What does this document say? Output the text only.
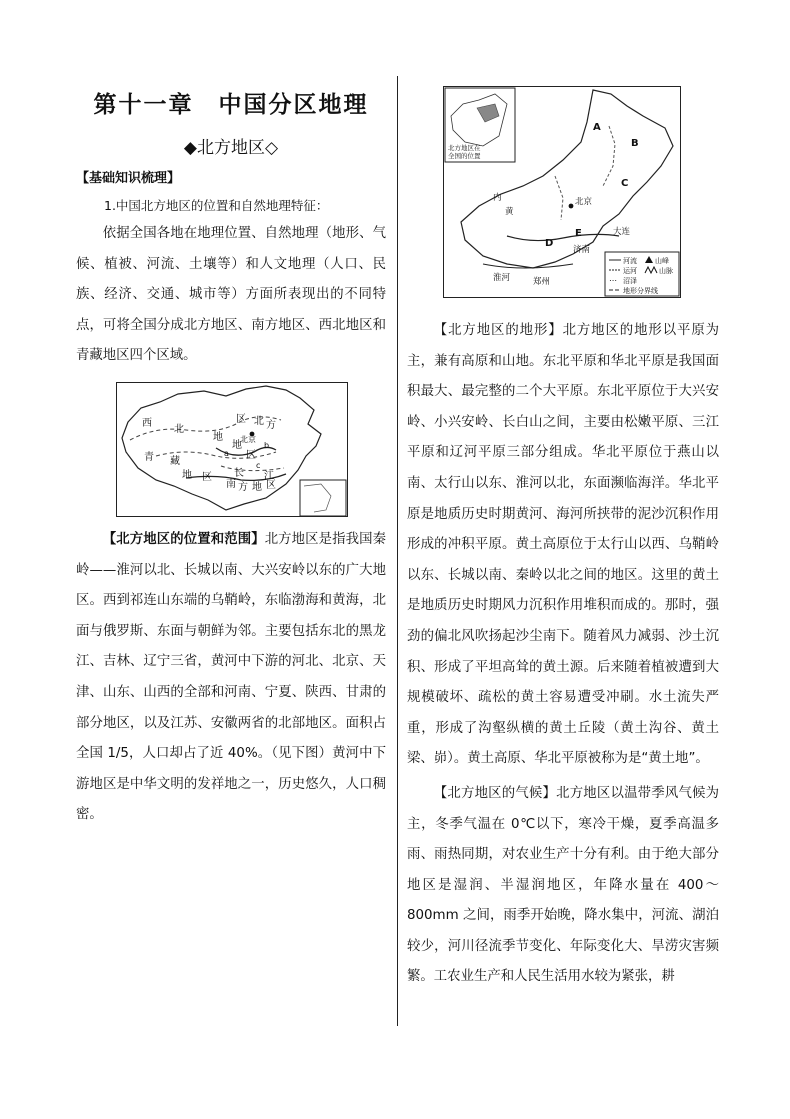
第十一章　中国分区地理
◆北方地区◇
【基础知识梳理】
1.中国北方地区的位置和自然地理特征：

依据全国各地在地理位置、自然地理（地形、气候、植被、河流、土壤等）和人文地理（人口、民族、经济、交通、城市等）方面所表现出的不同特点，可将全国分成北方地区、南方地区、西北地区和青藏地区四个区域。

西
北
地
区
青 藏
地 区
北 方
地
区
南 方 地 区
江
长
北京
a
b
c

【北方地区的位置和范围】北方地区是指我国秦岭——淮河以北、长城以南、大兴安岭以东的广大地区。西到祁连山东端的乌鞘岭，东临渤海和黄海，北面与俄罗斯、东面与朝鲜为邻。主要包括东北的黑龙江、吉林、辽宁三省，黄河中下游的河北、北京、天津、山东、山西的全部和河南、宁夏、陕西、甘肃的部分地区，以及江苏、安徽两省的北部地区。面积占全国 1/5，人口却占了近 40%。（见下图）黄河中下游地区是中华文明的发祥地之一，历史悠久，人口稠密。

北方地区在
全国的位置
A
B
C
D
E
内
黄
淮河
大连
济南
郑州
北京
河流	山峰
运河	山脉
⋯ 沼泽
地形分界线

【北方地区的地形】北方地区的地形以平原为主，兼有高原和山地。东北平原和华北平原是我国面积最大、最完整的二个大平原。东北平原位于大兴安岭、小兴安岭、长白山之间，主要由松嫩平原、三江平原和辽河平原三部分组成。华北平原位于燕山以南、太行山以东、淮河以北，东面濒临海洋。华北平原是地质历史时期黄河、海河所挟带的泥沙沉积作用形成的冲积平原。黄土高原位于太行山以西、乌鞘岭以东、长城以南、秦岭以北之间的地区。这里的黄土是地质历史时期风力沉积作用堆积而成的。那时，强劲的偏北风吹扬起沙尘南下。随着风力减弱、沙土沉积、形成了平坦高耸的黄土源。后来随着植被遭到大规模破坏、疏松的黄土容易遭受冲刷。水土流失严重，形成了沟壑纵横的黄土丘陵（黄土沟谷、黄土梁、峁）。黄土高原、华北平原被称为是“黄土地”。

【北方地区的气候】北方地区以温带季风气候为主，冬季气温在 0℃以下，寒冷干燥，夏季高温多雨、雨热同期，对农业生产十分有利。由于绝大部分地区是湿润、半湿润地区，年降水量在 400～800mm 之间，雨季开始晚，降水集中，河流、湖泊较少，河川径流季节变化、年际变化大、旱涝灾害频繁。工农业生产和人民生活用水较为紧张，耕
